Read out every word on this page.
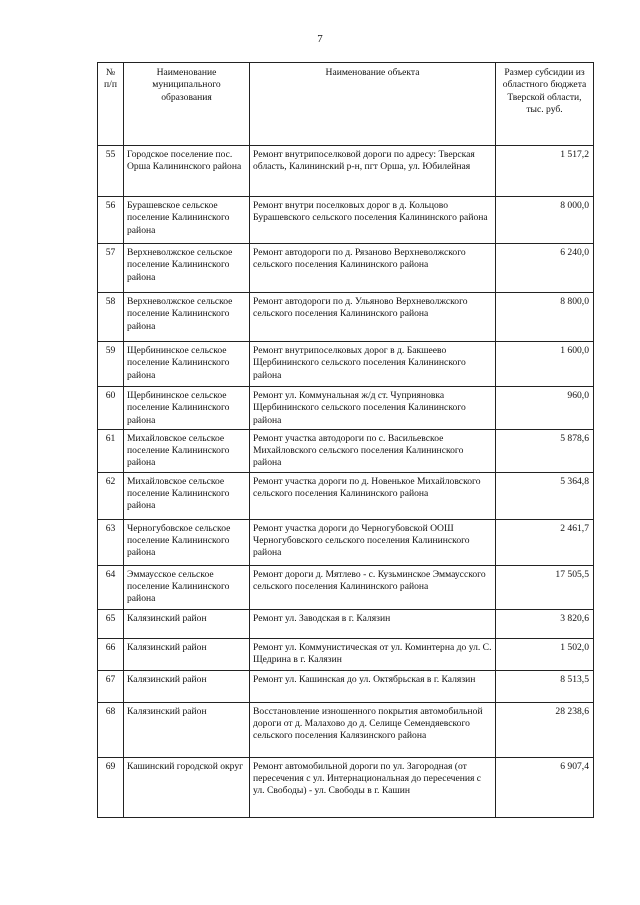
7
№ п/п	Наименование муниципального образования	Наименование объекта	Размер субсидии из областного бюджета Тверской области, тыс. руб.
55	Городское поселение пос. Орша Калининского района	Ремонт внутрипоселковой дороги по адресу: Тверская область, Калининский р-н, пгт Орша, ул. Юбилейная	1 517,2
56	Бурашевское сельское поселение Калининского района	Ремонт внутри поселковых дорог в д. Кольцово Бурашевского сельского поселения Калининского района	8 000,0
57	Верхневолжское сельское поселение Калининского района	Ремонт автодороги по д. Рязаново Верхневолжского сельского поселения Калининского района	6 240,0
58	Верхневолжское сельское поселение Калининского района	Ремонт автодороги по д. Ульяново Верхневолжского сельского поселения Калининского района	8 800,0
59	Щербининское сельское поселение Калининского района	Ремонт внутрипоселковых дорог в д. Бакшеево Щербининского сельского поселения Калининского района	1 600,0
60	Щербининское сельское поселение Калининского района	Ремонт ул. Коммунальная ж/д ст. Чуприяновка Щербининского сельского поселения Калининского района	960,0
61	Михайловское сельское поселение Калининского района	Ремонт участка автодороги по с. Васильевское Михайловского сельского поселения Калининского района	5 878,6
62	Михайловское сельское поселение Калининского района	Ремонт участка дороги по д. Новенькое Михайловского сельского поселения Калининского района	5 364,8
63	Черногубовское сельское поселение Калининского района	Ремонт участка дороги до Черногубовской ООШ Черногубовского сельского поселения Калининского района	2 461,7
64	Эммаусское сельское поселение Калининского района	Ремонт дороги д. Мятлево - с. Кузьминское Эммаусского сельского поселения Калининского района	17 505,5
65	Калязинский район	Ремонт ул. Заводская в г. Калязин	3 820,6
66	Калязинский район	Ремонт ул. Коммунистическая от ул. Коминтерна до ул. С. Щедрина в г. Калязин	1 502,0
67	Калязинский район	Ремонт ул. Кашинская до ул. Октябрьская в г. Калязин	8 513,5
68	Калязинский район	Восстановление изношенного покрытия автомобильной дороги от д. Малахово до д. Селище Семендяевского сельского поселения Калязинского района	28 238,6
69	Кашинский городской округ	Ремонт автомобильной дороги по ул. Загородная (от пересечения с ул. Интернациональная до пересечения с ул. Свободы) - ул. Свободы в г. Кашин	6 907,4
